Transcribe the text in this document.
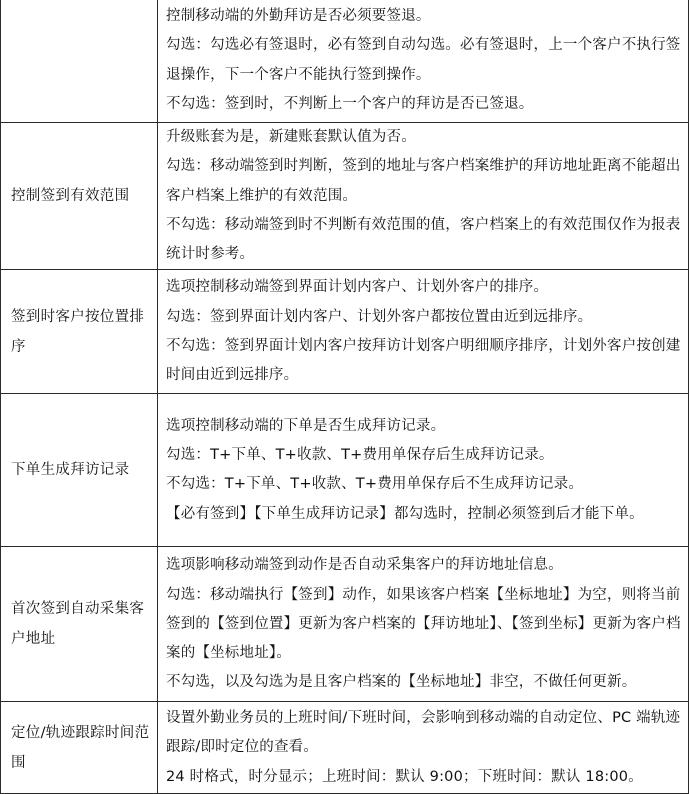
	控制移动端的外勤拜访是否必须要签退。

勾选：勾选必有签退时，必有签到自动勾选。必有签退时，上一个客户不执行签退操作，下一个客户不能执行签到操作。

不勾选：签到时，不判断上一个客户的拜访是否已签退。

控制签到有效范围	升级账套为是，新建账套默认值为否。

勾选：移动端签到时判断，签到的地址与客户档案维护的拜访地址距离不能超出客户档案上维护的有效范围。

不勾选：移动端签到时不判断有效范围的值，客户档案上的有效范围仅作为报表统计时参考。

签到时客户按位置排序	选项控制移动端签到界面计划内客户、计划外客户的排序。

勾选：签到界面计划内客户、计划外客户都按位置由近到远排序。

不勾选：签到界面计划内客户按拜访计划客户明细顺序排序，计划外客户按创建时间由近到远排序。

下单生成拜访记录	选项控制移动端的下单是否生成拜访记录。

勾选：T+下单、T+收款、T+费用单保存后生成拜访记录。

不勾选：T+下单、T+收款、T+费用单保存后不生成拜访记录。

【必有签到】【下单生成拜访记录】都勾选时，控制必须签到后才能下单。

首次签到自动采集客户地址	选项影响移动端签到动作是否自动采集客户的拜访地址信息。

勾选：移动端执行【签到】动作，如果该客户档案【坐标地址】为空，则将当前签到的【签到位置】更新为客户档案的【拜访地址】、【签到坐标】更新为客户档案的【坐标地址】。

不勾选，以及勾选为是且客户档案的【坐标地址】非空，不做任何更新。

定位/轨迹跟踪时间范围	设置外勤业务员的上班时间/下班时间，会影响到移动端的自动定位、PC 端轨迹跟踪/即时定位的查看。

24 时格式，时分显示；上班时间：默认 9:00；下班时间：默认 18:00。
